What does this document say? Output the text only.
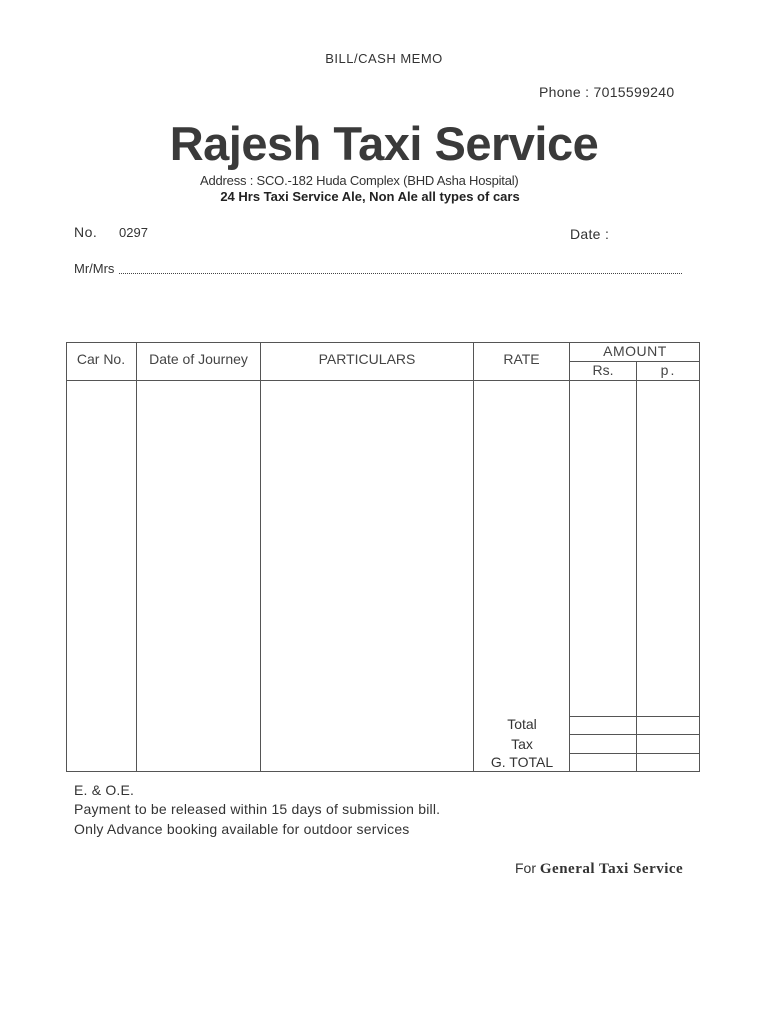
BILL/CASH MEMO
Phone : 7015599240
Rajesh Taxi Service
Address : SCO.-182 Huda Complex (BHD Asha Hospital)
24 Hrs Taxi Service Ale, Non Ale all types of cars
No. 0297	Date :
Mr/Mrs
Car No.	Date of Journey	PARTICULARS	RATE	AMOUNT
Rs.	p.
Total
Tax
G. TOTAL
E. & O.E.
Payment to be released within 15 days of submission bill.
Only Advance booking available for outdoor services
For General Taxi Service
